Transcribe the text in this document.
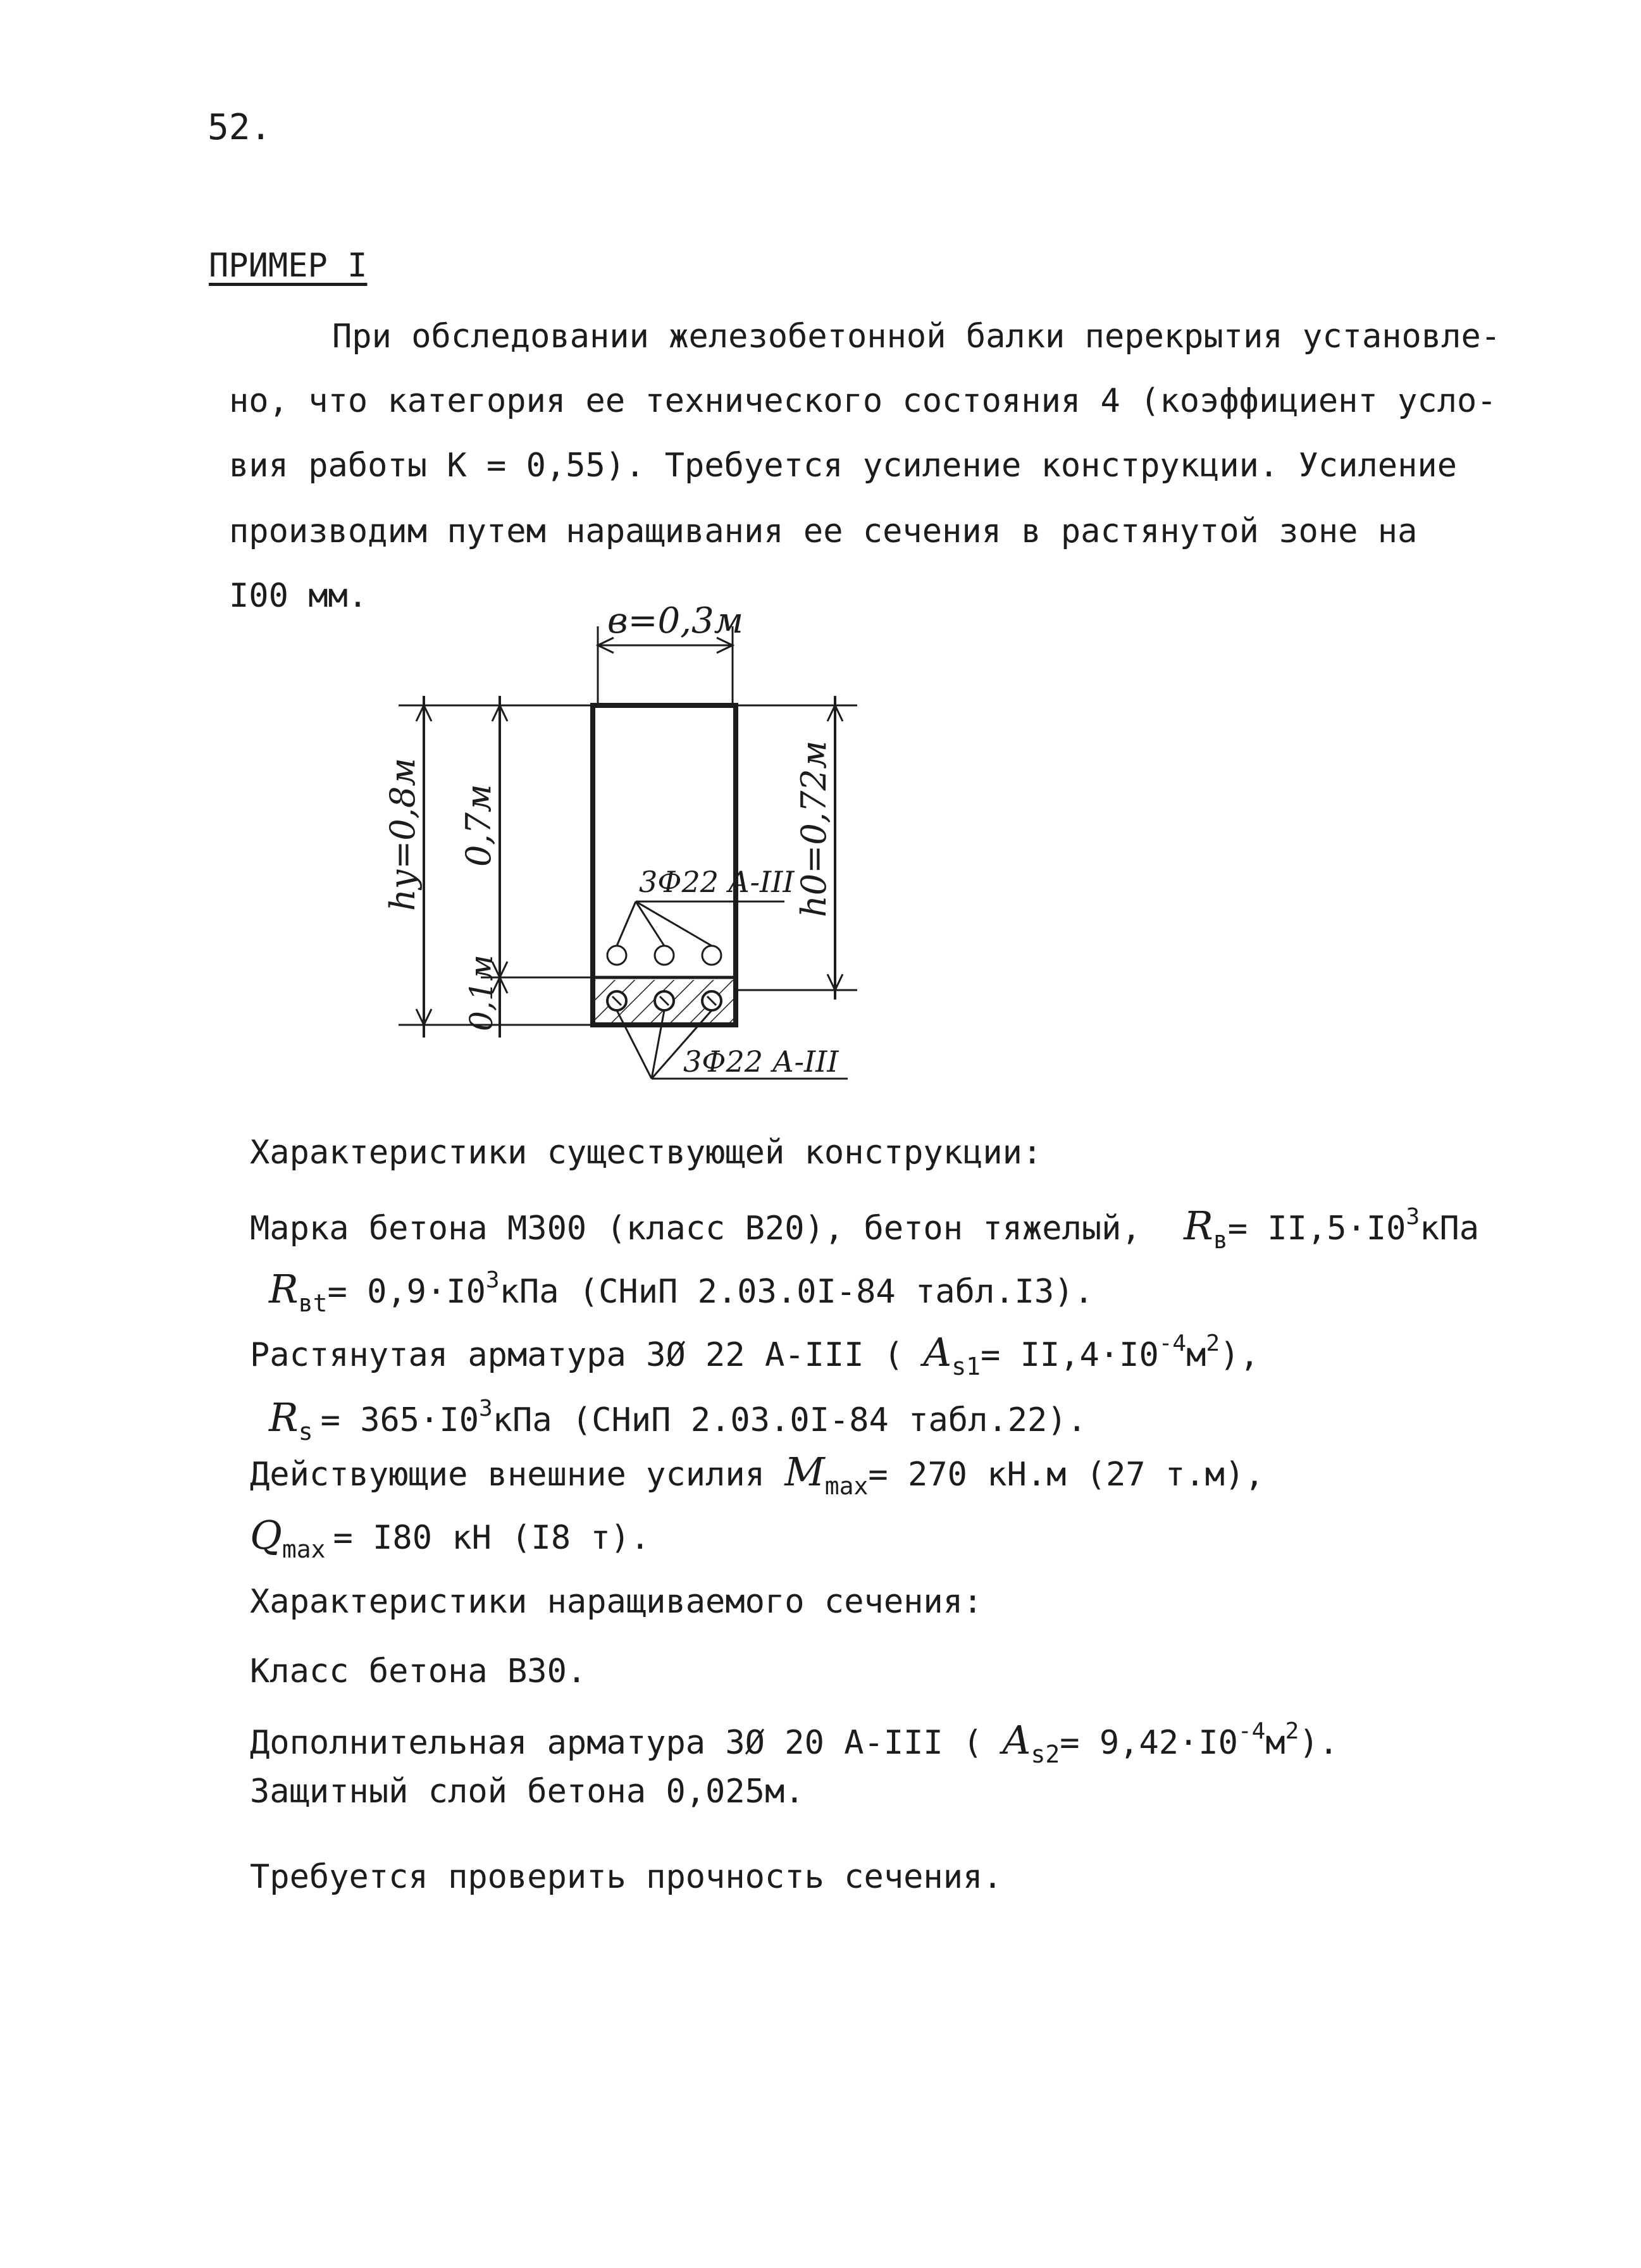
52.
ПРИМЕР I
При обследовании железобетонной балки перекрытия установле-
но, что категория ее технического состояния 4 (коэффициент усло-
вия работы K = 0,55). Требуется усиление конструкции. Усиление
производим путем наращивания ее сечения в растянутой зоне на
I00 мм.
в=0,3м
hу=0,8м 0,7м
0,1м
h0=0,72м
3Ф22 А-III
3Ф22 А-III
Характеристики существующей конструкции:
Марка бетона М300 (класс В20), бетон тяжелый, $R_в= II,5\cdot I0^3кПа$
$R_{вt}= 0,9\cdot I0^3кПа$ (СНиП 2.03.0I-84 табл.I3).
Растянутая арматура 3Ø 22 А-III ( $A_{s1}= II,4\cdot I0^{-4}м^2$),
$R_s = 365\cdot I0^3кПа$ (СНиП 2.03.0I-84 табл.22).
Действующие внешние усилия $M_{max}= 270$ кН.м (27 т.м),
$Q_{max} = I80$ кН (I8 т).
Характеристики наращиваемого сечения:
Класс бетона В30.
Дополнительная арматура 3Ø 20 А-III ( $A_{s2}= 9,42\cdot I0^{-4}м^2$).
Защитный слой бетона 0,025м.
Требуется проверить прочность сечения.
